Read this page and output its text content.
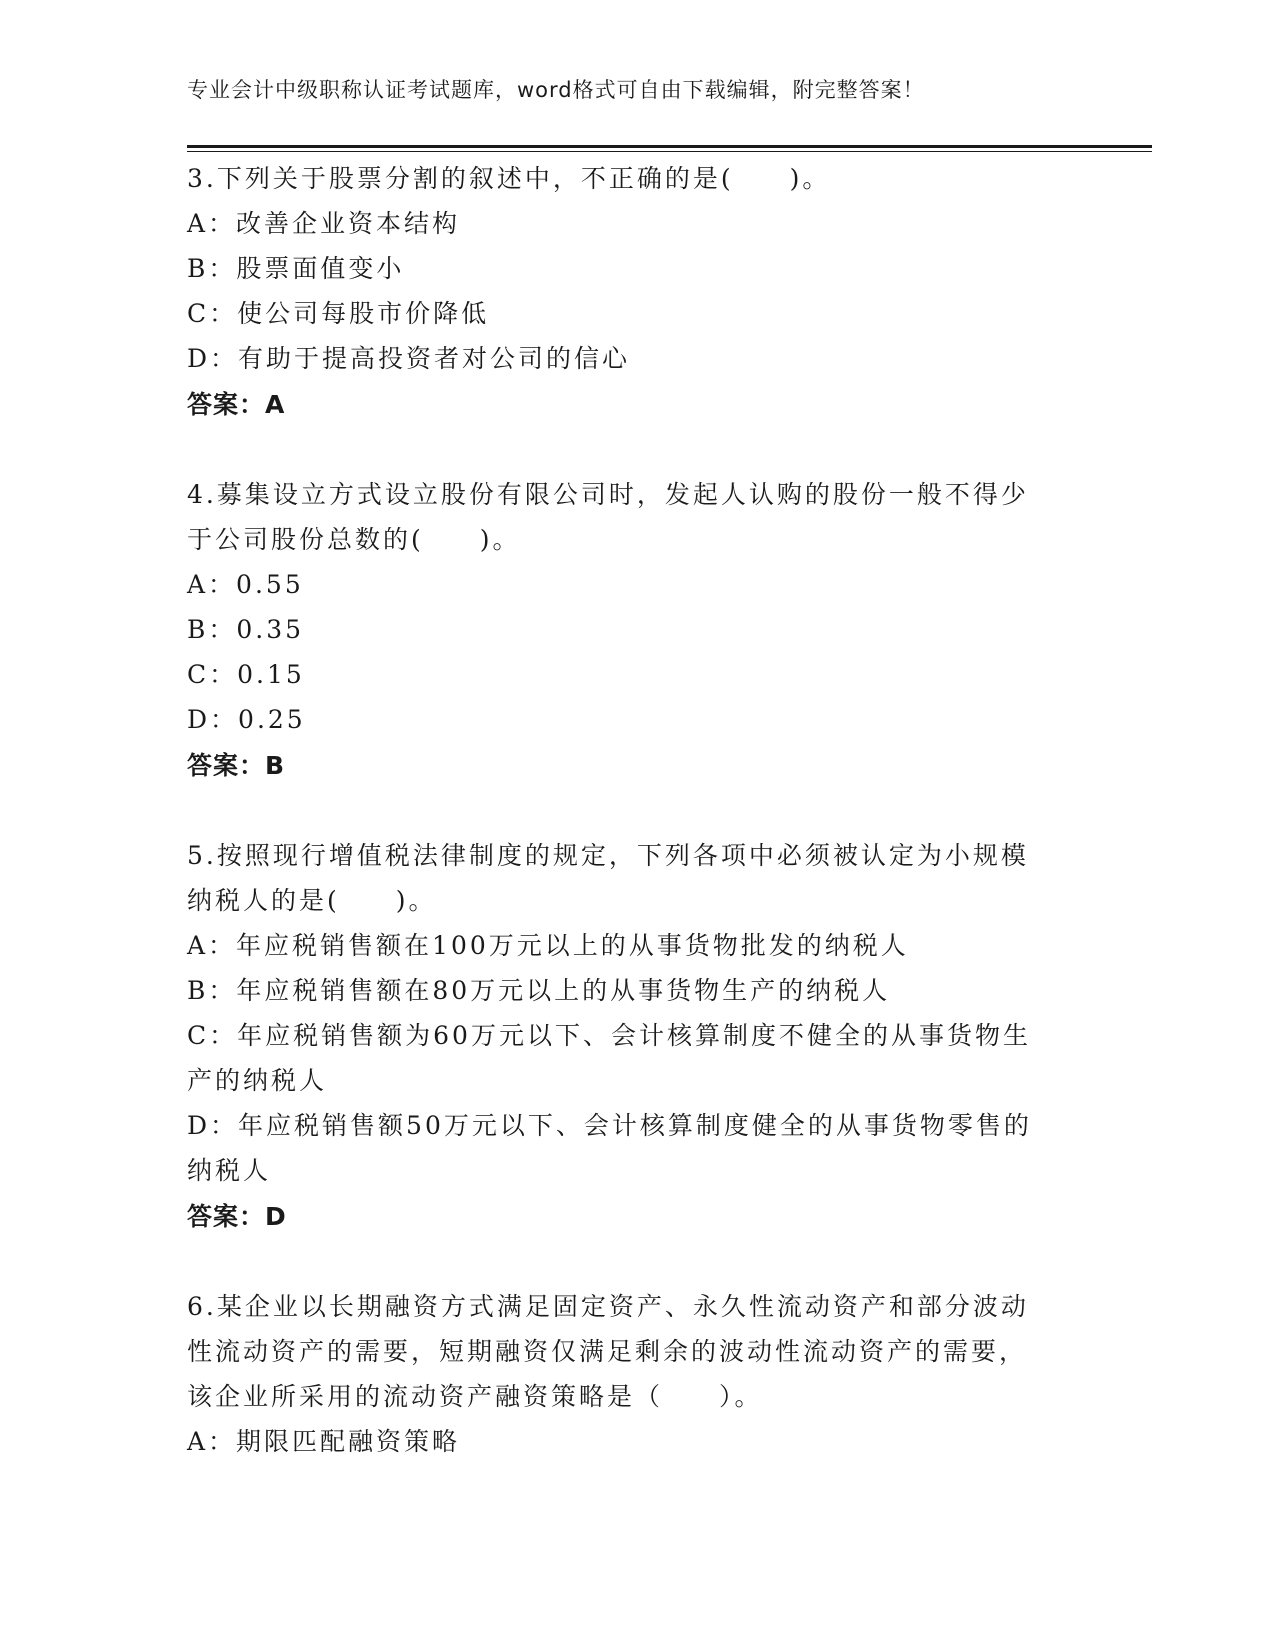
专业会计中级职称认证考试题库，word格式可自由下载编辑，附完整答案！
3.下列关于股票分割的叙述中，不正确的是(　　)。
A：改善企业资本结构
B：股票面值变小
C：使公司每股市价降低
D：有助于提高投资者对公司的信心
答案：A
4.募集设立方式设立股份有限公司时，发起人认购的股份一般不得少
于公司股份总数的(　　)。
A：0.55
B：0.35
C：0.15
D：0.25
答案：B
5.按照现行增值税法律制度的规定，下列各项中必须被认定为小规模
纳税人的是(　　)。
A：年应税销售额在100万元以上的从事货物批发的纳税人
B：年应税销售额在80万元以上的从事货物生产的纳税人
C：年应税销售额为60万元以下、会计核算制度不健全的从事货物生
产的纳税人
D：年应税销售额50万元以下、会计核算制度健全的从事货物零售的
纳税人
答案：D
6.某企业以长期融资方式满足固定资产、永久性流动资产和部分波动
性流动资产的需要，短期融资仅满足剩余的波动性流动资产的需要，
该企业所采用的流动资产融资策略是（　　）。
A：期限匹配融资策略
